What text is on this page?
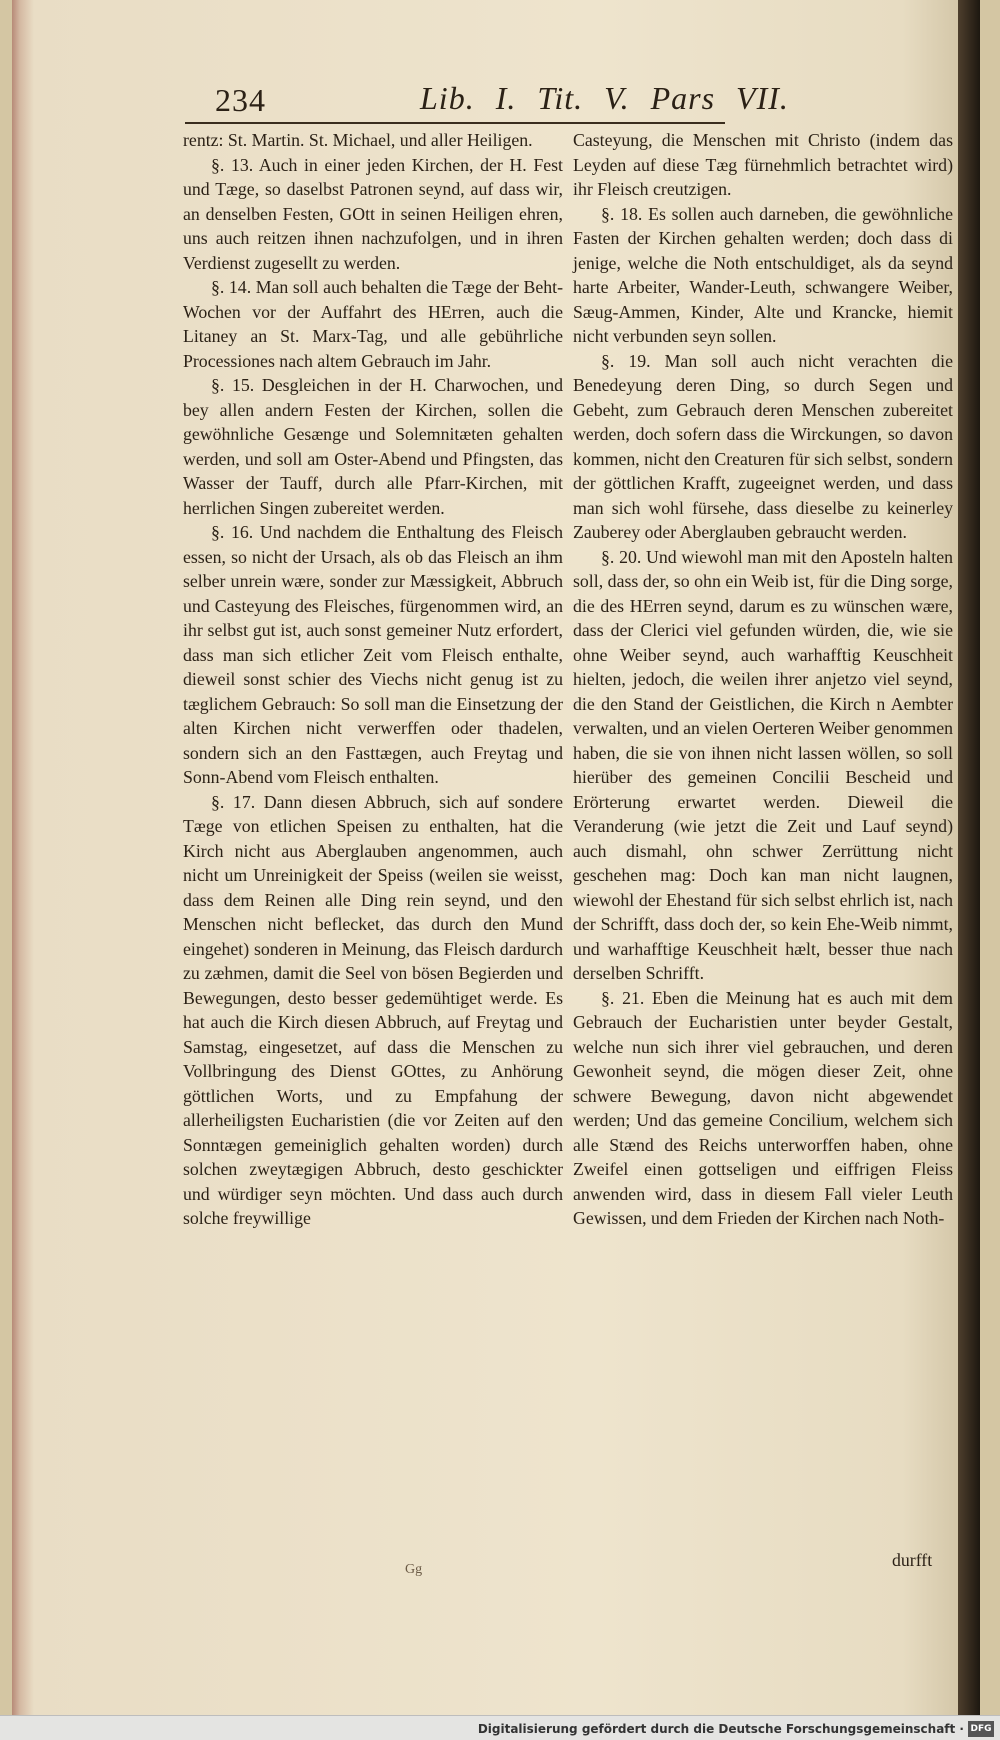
234	Lib. I. Tit. V. Pars VII.

rentz: St. Martin. St. Michael, und aller Heiligen.

§. 13. Auch in einer jeden Kirchen, der H. Fest und Tæge, so daselbst Patronen seynd, auf dass wir, an denselben Festen, GOtt in seinen Heiligen ehren, uns auch reitzen ihnen nachzufolgen, und in ihren Verdienst zugesellt zu werden.

§. 14. Man soll auch behalten die Tæge der Beht-Wochen vor der Auffahrt des HErren, auch die Litaney an St. Marx-Tag, und alle gebührliche Processiones nach altem Gebrauch im Jahr.

§. 15. Desgleichen in der H. Charwochen, und bey allen andern Festen der Kirchen, sollen die gewöhnliche Gesænge und Solemnitæten gehalten werden, und soll am Oster-Abend und Pfingsten, das Wasser der Tauff, durch alle Pfarr-Kirchen, mit herrlichen Singen zubereitet werden.

§. 16. Und nachdem die Enthaltung des Fleisch essen, so nicht der Ursach, als ob das Fleisch an ihm selber unrein wære, sonder zur Mæssigkeit, Abbruch und Casteyung des Fleisches, fürgenommen wird, an ihr selbst gut ist, auch sonst gemeiner Nutz erfordert, dass man sich etlicher Zeit vom Fleisch enthalte, dieweil sonst schier des Viechs nicht genug ist zu tæglichem Gebrauch: So soll man die Einsetzung der alten Kirchen nicht verwerffen oder thadelen, sondern sich an den Fasttægen, auch Freytag und Sonn-Abend vom Fleisch enthalten.

§. 17. Dann diesen Abbruch, sich auf sondere Tæge von etlichen Speisen zu enthalten, hat die Kirch nicht aus Aberglauben angenommen, auch nicht um Unreinigkeit der Speiss (weilen sie weisst, dass dem Reinen alle Ding rein seynd, und den Menschen nicht beflecket, das durch den Mund eingehet) sonderen in Meinung, das Fleisch dardurch zu zæhmen, damit die Seel von bösen Begierden und Bewegungen, desto besser gedemühtiget werde. Es hat auch die Kirch diesen Abbruch, auf Freytag und Samstag, eingesetzet, auf dass die Menschen zu Vollbringung des Dienst GOttes, zu Anhörung göttlichen Worts, und zu Empfahung der allerheiligsten Eucharistien (die vor Zeiten auf den Sonntægen gemeiniglich gehalten worden) durch solchen zweytægigen Abbruch, desto geschickter und würdiger seyn möchten. Und dass auch durch solche freywillige

Casteyung, die Menschen mit Christo (indem das Leyden auf diese Tæg fürnehmlich betrachtet wird) ihr Fleisch creutzigen.

§. 18. Es sollen auch darneben, die gewöhnliche Fasten der Kirchen gehalten werden; doch dass di jenige, welche die Noth entschuldiget, als da seynd harte Arbeiter, Wander-Leuth, schwangere Weiber, Sæug-Ammen, Kinder, Alte und Krancke, hiemit nicht verbunden seyn sollen.

§. 19. Man soll auch nicht verachten die Benedeyung deren Ding, so durch Segen und Gebeht, zum Gebrauch deren Menschen zubereitet werden, doch sofern dass die Wirckungen, so davon kommen, nicht den Creaturen für sich selbst, sondern der göttlichen Krafft, zugeeignet werden, und dass man sich wohl fürsehe, dass dieselbe zu keinerley Zauberey oder Aberglauben gebraucht werden.

§. 20. Und wiewohl man mit den Aposteln halten soll, dass der, so ohn ein Weib ist, für die Ding sorge, die des HErren seynd, darum es zu wünschen wære, dass der Clerici viel gefunden würden, die, wie sie ohne Weiber seynd, auch warhafftig Keuschheit hielten, jedoch, die weilen ihrer anjetzo viel seynd, die den Stand der Geistlichen, die Kirch n Aembter verwalten, und an vielen Oerteren Weiber genommen haben, die sie von ihnen nicht lassen wöllen, so soll hierüber des gemeinen Concilii Bescheid und Erörterung erwartet werden. Dieweil die Veranderung (wie jetzt die Zeit und Lauf seynd) auch dismahl, ohn schwer Zerrüttung nicht geschehen mag: Doch kan man nicht laugnen, wiewohl der Ehestand für sich selbst ehrlich ist, nach der Schrifft, dass doch der, so kein Ehe-Weib nimmt, und warhafftige Keuschheit hælt, besser thue nach derselben Schrifft.

§. 21. Eben die Meinung hat es auch mit dem Gebrauch der Eucharistien unter beyder Gestalt, welche nun sich ihrer viel gebrauchen, und deren Gewonheit seynd, die mögen dieser Zeit, ohne schwere Bewegung, davon nicht abgewendet werden; Und das gemeine Concilium, welchem sich alle Stænd des Reichs unterworffen haben, ohne Zweifel einen gottseligen und eiffrigen Fleiss anwenden wird, dass in diesem Fall vieler Leuth Gewissen, und dem Frieden der Kirchen nach Noth-

Gg	durfft
Digitalisierung gefördert durch die Deutsche Forschungsgemeinschaft · DFG
